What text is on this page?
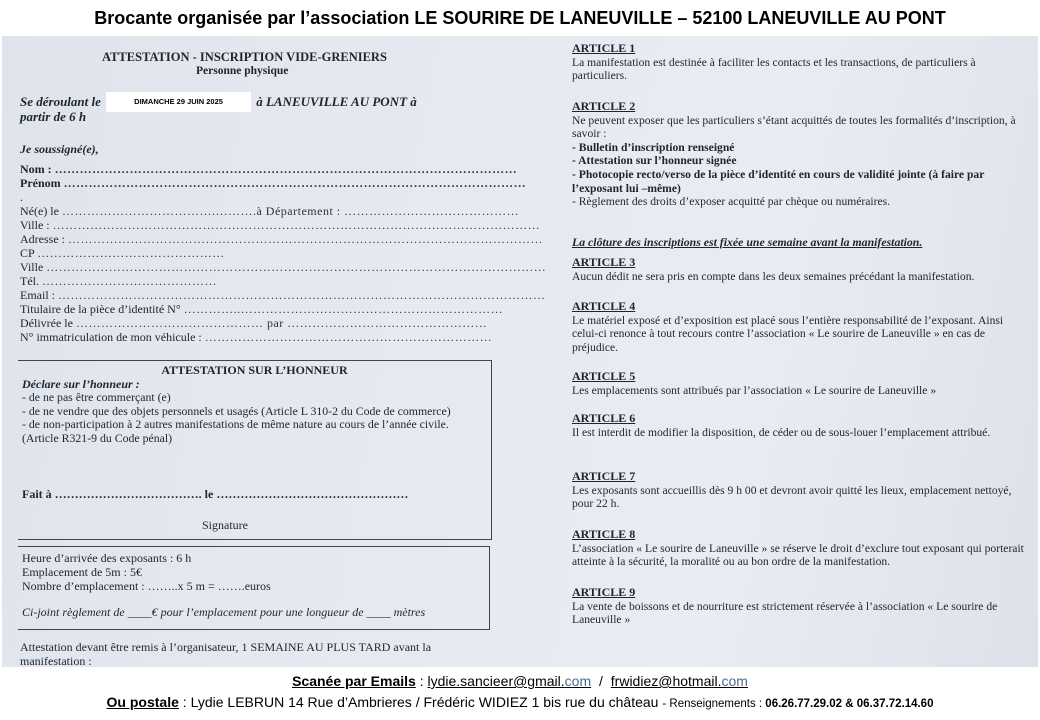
Brocante organisée par l’association LE SOURIRE DE LANEUVILLE – 52100 LANEUVILLE AU PONT
ATTESTATION - INSCRIPTION VIDE-GRENIERS
Personne physique
Se déroulant le	DIMANCHE 29 JUIN 2025	à LANEUVILLE AU PONT à
partir de 6 h
Je soussigné(e),
Nom : …………………………………………………………………………………………………
Prénom …………………………………………………………………………………………………
.
Né(e) le ……………………………….……….à Département : ……………………………………
Ville : ………………………………………………………………………………………………………
Adresse : ……………………………………………………………………………………………………
CP ………………………………………
Ville …………………………………………………………………………………………………………
Tél. ……………………………………
Email : ………………………………………………………………………………………………………
Titulaire de la pièce d’identité N° …………..………………………………………………………
Délivrée le ……………………………………… par …………………………………………
N° immatriculation de mon véhicule : ……………………………………………………………
ATTESTATION SUR L’HONNEUR
Déclare sur l’honneur :
- de ne pas être commerçant (e)
- de ne vendre que des objets personnels et usagés (Article L 310-2 du Code de commerce)
- de non-participation à 2 autres manifestations de même nature au cours de l’année civile. (Article R321-9 du Code pénal)
Fait à ………………………………. le …………………………………………
Signature
Heure d’arrivée des exposants : 6 h
Emplacement de 5m : 5€
Nombre d’emplacement : ……..x 5 m = …….euros
Ci-joint règlement de ____€ pour l’emplacement pour une longueur de ____ mètres
Attestation devant être remis à l’organisateur, 1 SEMAINE AU PLUS TARD avant la manifestation :
ARTICLE 1
La manifestation est destinée à faciliter les contacts et les transactions, de particuliers à particuliers.
ARTICLE 2
Ne peuvent exposer que les particuliers s’étant acquittés de toutes les formalités d’inscription, à savoir :
- Bulletin d’inscription renseigné
- Attestation sur l’honneur signée
- Photocopie recto/verso de la pièce d’identité en cours de validité jointe (à faire par l’exposant lui –même)
- Règlement des droits d’exposer acquitté par chèque ou numéraires.
ARTICLE 3
Aucun dédit ne sera pris en compte dans les deux semaines précédant la manifestation.
ARTICLE 4
Le matériel exposé et d’exposition est placé sous l’entière responsabilité de l’exposant. Ainsi celui-ci renonce à tout recours contre l’association « Le sourire de Laneuville » en cas de préjudice.
ARTICLE 5
Les emplacements sont attribués par l’association « Le sourire de Laneuville »
ARTICLE 6
Il est interdit de modifier la disposition, de céder ou de sous-louer l’emplacement attribué.
ARTICLE 7
Les exposants sont accueillis dès 9 h 00 et devront avoir quitté les lieux, emplacement nettoyé, pour 22 h.
ARTICLE 8
L’association « Le sourire de Laneuville » se réserve le droit d’exclure tout exposant qui porterait atteinte à la sécurité, la moralité ou au bon ordre de la manifestation.
ARTICLE 9
La vente de boissons et de nourriture est strictement réservée à l’association « Le sourire de Laneuville »
La clôture des inscriptions est fixée une semaine avant la manifestation.
Scanée par Emails : lydie.sancieer@gmail.com / frwidiez@hotmail.com
Ou postale : Lydie LEBRUN 14 Rue d’Ambrieres / Frédéric WIDIEZ 1 bis rue du château - Renseignements : 06.26.77.29.02 & 06.37.72.14.60
